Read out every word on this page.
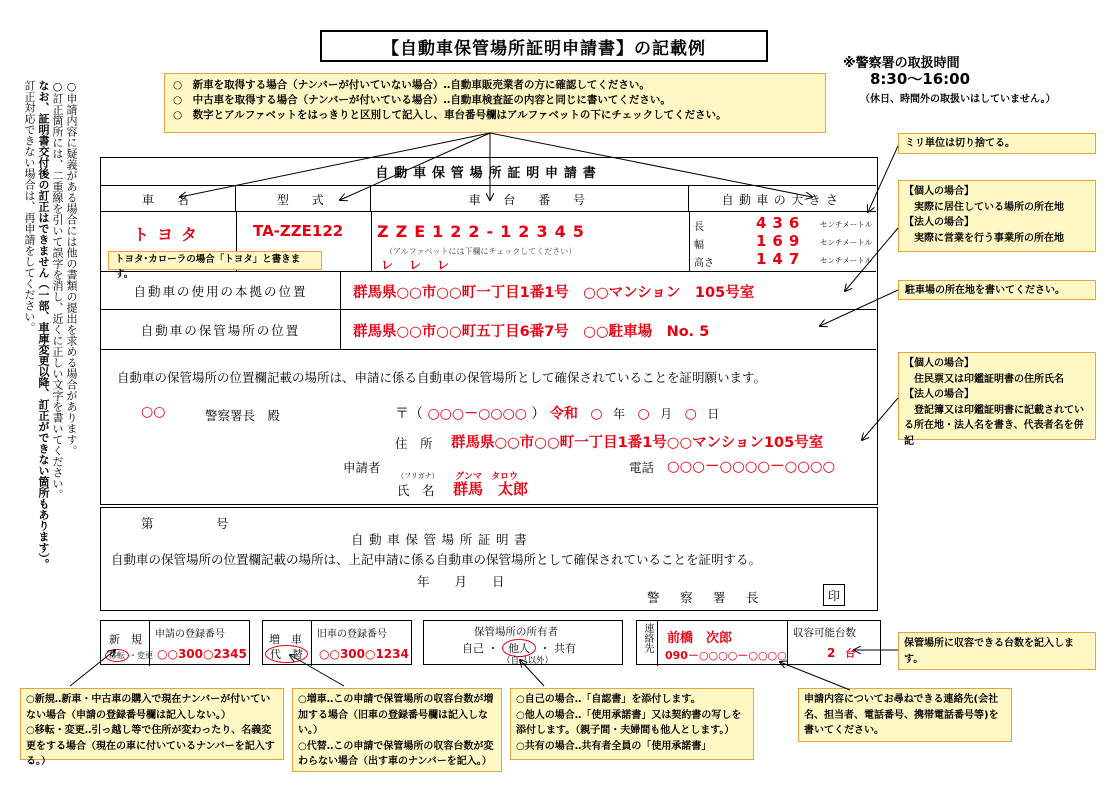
【自動車保管場所証明申請書】の記載例
※警察署の取扱時間
8:30～16:00
（休日、時間外の取扱いはしていません。）
○　新車を取得する場合（ナンバーが付いていない場合）‥自動車販売業者の方に確認してください。
○　中古車を取得する場合（ナンバーが付いている場合）‥自動車検査証の内容と同じに書いてください。
○　数字とアルファベットをはっきりと区別して記入し、車台番号欄はアルファベットの下にチェックしてください。
○申請内容に疑義がある場合には他の書類の提出を求める場合があります。
○訂正箇所には、二重線を引いて誤字を消し、近くに正しい文字を書いてください。
なお、証明書交付後の訂正はできません（一部、車庫変更以降、訂正ができない箇所もあります）。
訂正対応できない場合は、再申請をしてください。	自動車保管場所証明申請書
車　名	型　式	車　台　番　号	自動車の大きさ
トヨタ	TA-ZZE122 ZZE122-12345
（アルファベットには下欄にチェックしてください）
レ　レ　レ
長	436 センチメートル
幅	169 センチメートル
高さ	147 センチメートル
自動車の使用の本拠の位置	群馬県○○市○○町一丁目1番1号　○○マンション　105号室
自動車の保管場所の位置	群馬県○○市○○町五丁目6番7号　○○駐車場　No. 5
自動車の保管場所の位置欄記載の場所は、申請に係る自動車の保管場所として確保されていることを証明願います。
○○	警察署長　殿	〒（ ○○○－○○○○ ） 令和 ○ 年 ○ 月 ○ 日
住　所 群馬県○○市○○町一丁目1番1号○○マンション105号室
申請者	電話 ○○○－○○○○－○○○○
（フリガナ） グンマ　タロウ
氏　名 群馬　太郎
第　　　　　号
自動車保管場所証明書
自動車の保管場所の位置欄記載の場所は、上記申請に係る自動車の保管場所として確保されていることを証明する。
年　　月　　日
警　察　署　長	印
新　規
移転 ・変更
申請の登録番号
○○300○2345
増　車
代　替
旧車の登録番号
○○300○1234
保管場所の所有者
自己 ・ 他人 ・ 共有
（自己以外）
連絡先 前橋　次郎
090－○○○○－○○○○
収容可能台数
2 台
トヨタ･カローラの場合「トヨタ」と書きます。
ミリ単位は切り捨てる。
【個人の場合】
　実際に居住している場所の所在地
【法人の場合】
　実際に営業を行う事業所の所在地
駐車場の所在地を書いてください。
【個人の場合】
　住民票又は印鑑証明書の住所氏名
【法人の場合】
　登記簿又は印鑑証明書に記載されている所在地・法人名を書き、代表者名を併記
保管場所に収容できる台数を記入します。
申請内容についてお尋ねできる連絡先(会社名、担当者、電話番号、携帯電話番号等)を書いてください。
○新規‥新車・中古車の購入で現在ナンバーが付いていない場合（申請の登録番号欄は記入しない。）
○移転・変更‥引っ越し等で住所が変わったり、名義変更をする場合（現在の車に付いているナンバーを記入する。）
○増車‥この申請で保管場所の収容台数が増加する場合（旧車の登録番号欄は記入しない。）
○代替‥この申請で保管場所の収容台数が変わらない場合（出す車のナンバーを記入。）
○自己の場合‥「自認書」を添付します。
○他人の場合‥「使用承諾書」又は契約書の写しを添付します。（親子間・夫婦間も他人とします。）
○共有の場合‥共有者全員の「使用承諾書」
